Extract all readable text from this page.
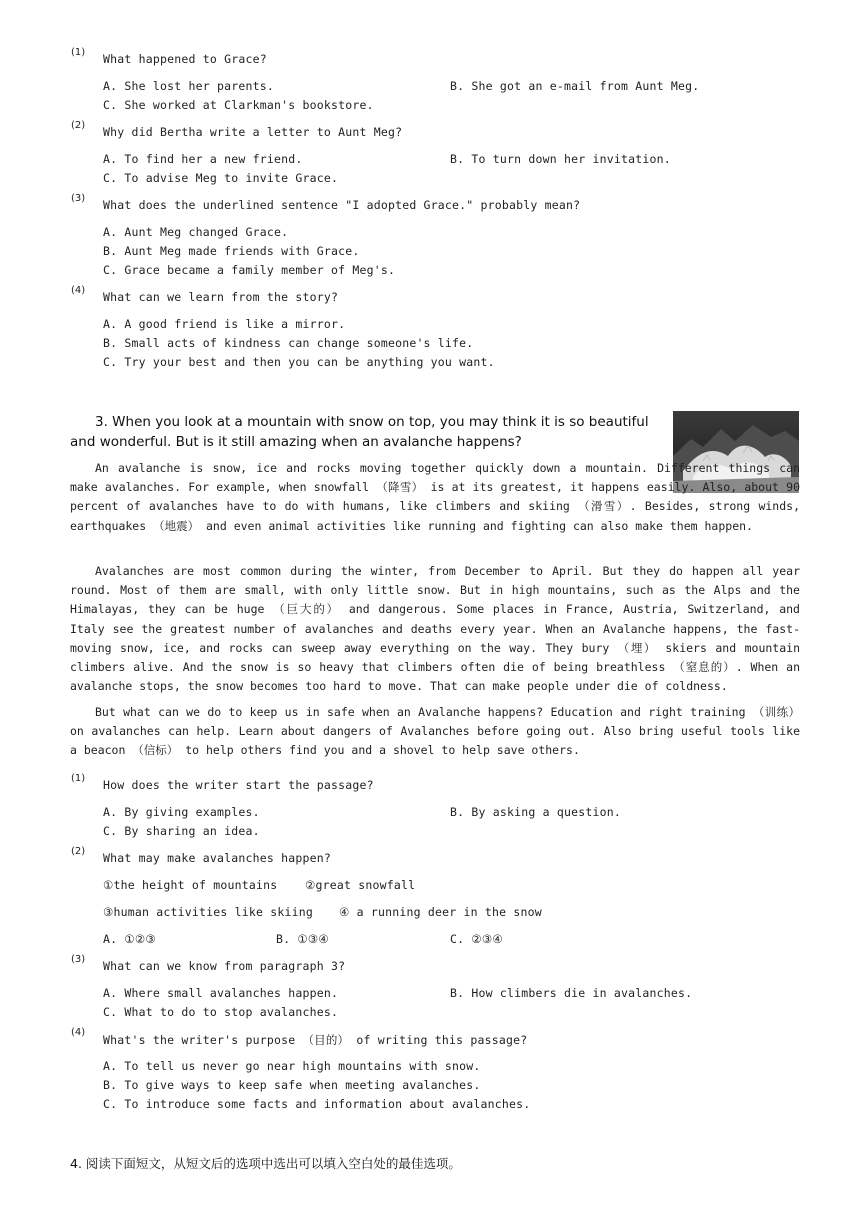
(1) What happened to Grace?
A. She lost her parents.	B. She got an e-mail from Aunt Meg.
C. She worked at Clarkman's bookstore.
(2) Why did Bertha write a letter to Aunt Meg?
A. To find her a new friend.	B. To turn down her invitation.
C. To advise Meg to invite Grace.
(3) What does the underlined sentence "I adopted Grace." probably mean?
A. Aunt Meg changed Grace.
B. Aunt Meg made friends with Grace.
C. Grace became a family member of Meg's.
(4) What can we learn from the story?
A. A good friend is like a mirror.
B. Small acts of kindness can change someone's life.
C. Try your best and then you can be anything you want.
3. When you look at a mountain with snow on top, you may think it is so beautiful and wonderful. But is it still amazing when an avalanche happens?
An avalanche is snow, ice and rocks moving together quickly down a mountain. Different things can make avalanches. For example, when snowfall （降雪） is at its greatest, it happens easily. Also, about 90 percent of avalanches have to do with humans, like climbers and skiing （滑雪）. Besides, strong winds, earthquakes （地震） and even animal activities like running and fighting can also make them happen.
Avalanches are most common during the winter, from December to April. But they do happen all year round. Most of them are small, with only little snow. But in high mountains, such as the Alps and the Himalayas, they can be huge （巨大的） and dangerous. Some places in France, Austria, Switzerland, and Italy see the greatest number of avalanches and deaths every year. When an Avalanche happens, the fast-moving snow, ice, and rocks can sweep away everything on the way. They bury （埋） skiers and mountain climbers alive. And the snow is so heavy that climbers often die of being breathless （窒息的）. When an avalanche stops, the snow becomes too hard to move. That can make people under die of coldness.
But what can we do to keep us in safe when an Avalanche happens? Education and right training （训练） on avalanches can help. Learn about dangers of Avalanches before going out. Also bring useful tools like a beacon （信标） to help others find you and a shovel to help save others.
(1) How does the writer start the passage?
A. By giving examples.	B. By asking a question.
C. By sharing an idea.
(2) What may make avalanches happen?
①the height of mountains ②great snowfall
③human activities like skiing ④ a running deer in the snow
A. ①②③	B. ①③④	C. ②③④
(3) What can we know from paragraph 3?
A. Where small avalanches happen.	B. How climbers die in avalanches.
C. What to do to stop avalanches.
(4)
What's the writer's purpose （目的） of writing this passage?
A. To tell us never go near high mountains with snow.
B. To give ways to keep safe when meeting avalanches.
C. To introduce some facts and information about avalanches.
4. 阅读下面短文，从短文后的选项中选出可以填入空白处的最佳选项。
